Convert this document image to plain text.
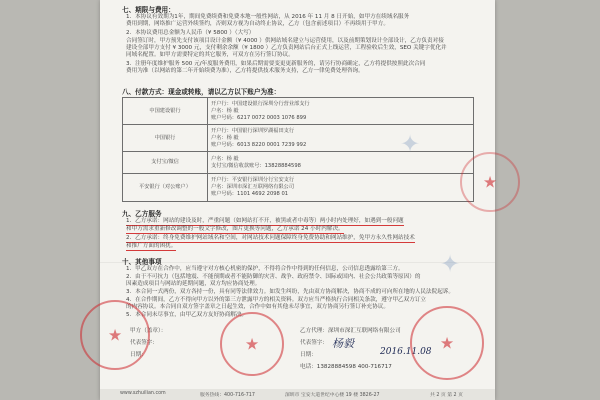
七、期限与费用：
1．本协议有效期为1年，期间免费续费和免费本地一般性网站，从 2016 年 11 月 8 日开始，如甲方在续域名服务
费用到期，网络推广运营外续签约，否则双方视为自动终止协议，乙方（包含前述项目）不再续用于甲方。
2．本协议费用总金额为人民币（¥ 5800 ）（大写）
合同签订时，甲方预先支付该项目设计金额（¥ 4000 ）供网站域名建立与运营使用，以及前期策划设计全部设计，乙方负责对接
建设全部甲方支付 ¥ 3000 元，支付剩余余额（¥ 1800 ）乙方负责网站后台正式上线运营，工程验收后生效，SEO 关键字优化并
同域名配置。如甲方需要特定的其它服务，可双方在另行签订协议。
3．注册年度维护服务 500 元/年度服务费用，如果后期需要变更更新服务的，请另行协商确定，乙方将提供按照此次合同
费用为准（以网站的第二年开始续费为准），乙方将提供技术服务支持，乙方一律免费处理咨询。
八、付款方式：现金或转账，请以乙方以下账户为准：
中国建设银行	开户行：中国建设银行深圳分行营业部支行
户名：杨 毅
账户号码：6217 0072 0003 1076 899

中国银行	开户行：中国银行深圳罗湖福田支行
户名：杨 毅
账户号码：6013 8220 0001 7239 992

支付宝/微信	户名：杨 毅
支付宝/微信收款账号：13828884598

平安银行（对公账户）	开户行：平安银行深圳分行宝安支行
户名：深圳市深汇互联网络有限公司
账户号码：1101 4692 2098 01
九、乙方服务
1．乙方承诺：网站的建设及时，严重问题（如网站打不开，被黑或者中毒等）两小时内处理好，如遇到一般问题
和甲方需求重新修改调整的一般文字修改，图片更换等问题，乙方承诺 24 小时内解决。
2．乙方承诺：终身免费维护网站域名和空间，对网站技术问题保障终身免费协助和网站维护，免甲方永久性网站技术
和推广方面的困扰。
十、其他事项
1．甲乙双方在合作中，应当遵守对方核心机密的保护，不得将合作中得到的任何信息，公司信息透露给第三方。
2．由于不可抗力（包括地震、不能预期或者不能防御的灾害、战争、政府禁令、国际或国内、社会公共政策等原因）的
因素造成项目与网站的延期问题，双方均应协商处理。
3．本合同一式两份，双方各持一份，具有同等法律效力。如发生纠纷，先由双方协商解决，协商不成的可向所在地的人民法院起诉。
4．在合作期间，乙方不得向甲方以外的第三方泄露甲方的相关资料。双方应当严格执行合同相关条款，遵守甲乙双方订立
的内容协议。本合同自双方签字盖章之日起生效，合作中如有其他未尽事宜，双方协商另行签订补充协议。
5．本合同未尽事宜，由甲乙双方友好协商解决。
甲方（盖章）：
代表签字：
日期：
乙方代理：深圳市深汇互联网络有限公司
代表签字：
日期：
电话：13828884598 400-716717
杨毅
2016.11.08
★	★	★
★
✦
✦
www.szhuilian.com	服务热线：400-716-717	深圳市 宝安大道世纪中心楼 19 楼 3826-27	共 2 页 第 2 页
